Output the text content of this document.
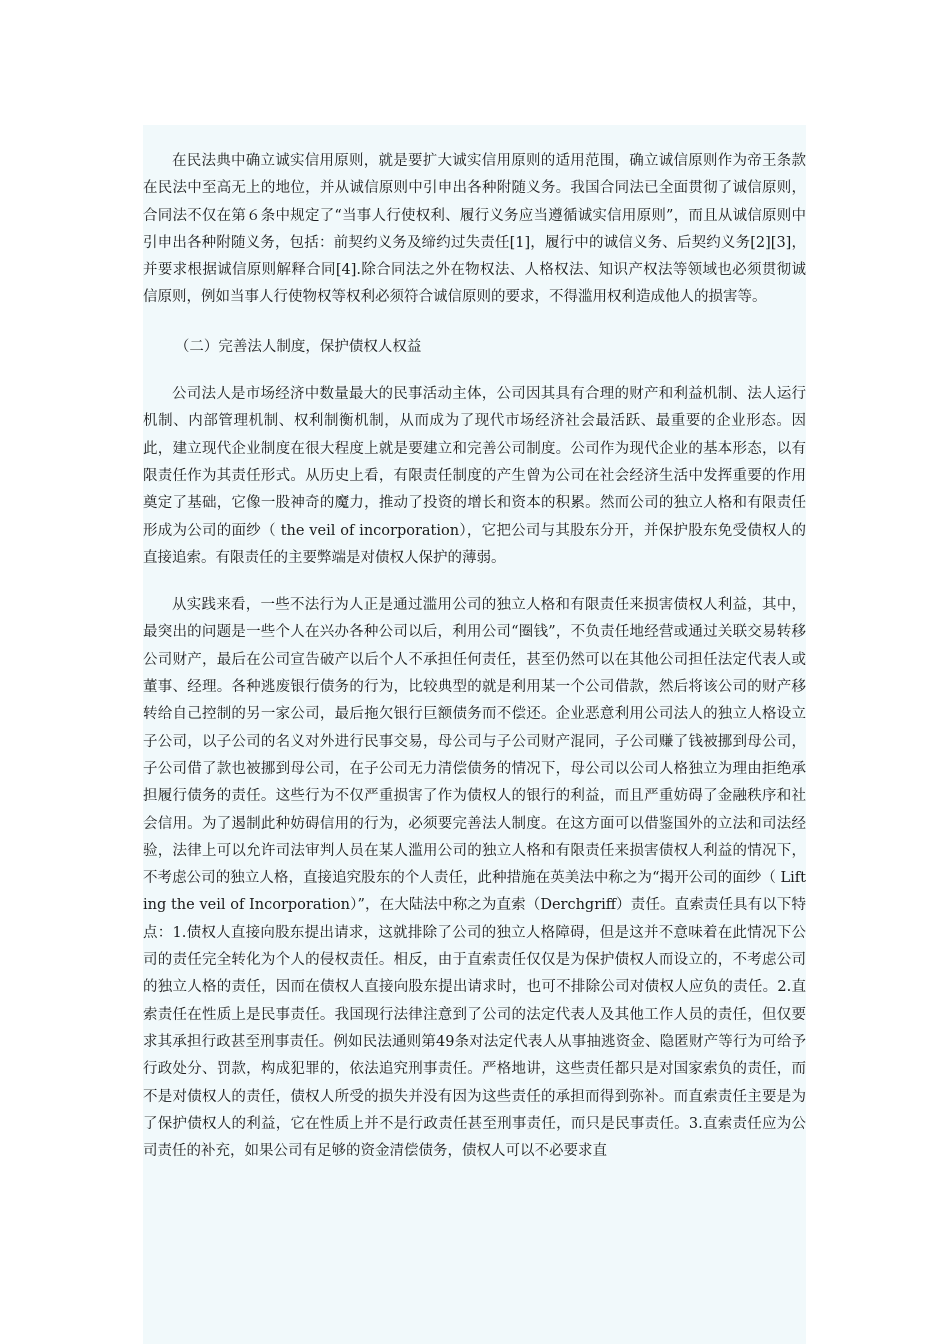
在民法典中确立诚实信用原则，就是要扩大诚实信用原则的适用范围，确立诚信原则作为帝王条款在民法中至高无上的地位，并从诚信原则中引申出各种附随义务。我国合同法已全面贯彻了诚信原则，合同法不仅在第６条中规定了“当事人行使权利、履行义务应当遵循诚实信用原则”，而且从诚信原则中引申出各种附随义务，包括：前契约义务及缔约过失责任[1]，履行中的诚信义务、后契约义务[2][3]，并要求根据诚信原则解释合同[4].除合同法之外在物权法、人格权法、知识产权法等领域也必须贯彻诚信原则，例如当事人行使物权等权利必须符合诚信原则的要求，不得滥用权利造成他人的损害等。

（二）完善法人制度，保护债权人权益

公司法人是市场经济中数量最大的民事活动主体，公司因其具有合理的财产和利益机制、法人运行机制、内部管理机制、权利制衡机制，从而成为了现代市场经济社会最活跃、最重要的企业形态。因此，建立现代企业制度在很大程度上就是要建立和完善公司制度。公司作为现代企业的基本形态，以有限责任作为其责任形式。从历史上看，有限责任制度的产生曾为公司在社会经济生活中发挥重要的作用奠定了基础，它像一股神奇的魔力，推动了投资的增长和资本的积累。然而公司的独立人格和有限责任形成为公司的面纱（ the veil of incorporation），它把公司与其股东分开，并保护股东免受债权人的直接追索。有限责任的主要弊端是对债权人保护的薄弱。

从实践来看，一些不法行为人正是通过滥用公司的独立人格和有限责任来损害债权人利益，其中，最突出的问题是一些个人在兴办各种公司以后，利用公司“圈钱”，不负责任地经营或通过关联交易转移公司财产，最后在公司宣告破产以后个人不承担任何责任，甚至仍然可以在其他公司担任法定代表人或董事、经理。各种逃废银行债务的行为，比较典型的就是利用某一个公司借款，然后将该公司的财产移转给自己控制的另一家公司，最后拖欠银行巨额债务而不偿还。企业恶意利用公司法人的独立人格设立子公司，以子公司的名义对外进行民事交易，母公司与子公司财产混同，子公司赚了钱被挪到母公司，子公司借了款也被挪到母公司，在子公司无力清偿债务的情况下，母公司以公司人格独立为理由拒绝承担履行债务的责任。这些行为不仅严重损害了作为债权人的银行的利益，而且严重妨碍了金融秩序和社会信用。为了遏制此种妨碍信用的行为，必须要完善法人制度。在这方面可以借鉴国外的立法和司法经验，法律上可以允许司法审判人员在某人滥用公司的独立人格和有限责任来损害债权人利益的情况下，不考虑公司的独立人格，直接追究股东的个人责任，此种措施在英美法中称之为“揭开公司的面纱（ Lifting the veil of Incorporation）”，在大陆法中称之为直索（Derchgriff）责任。直索责任具有以下特点：1.债权人直接向股东提出请求，这就排除了公司的独立人格障碍，但是这并不意味着在此情况下公司的责任完全转化为个人的侵权责任。相反，由于直索责任仅仅是为保护债权人而设立的，不考虑公司的独立人格的责任，因而在债权人直接向股东提出请求时，也可不排除公司对债权人应负的责任。2.直索责任在性质上是民事责任。我国现行法律注意到了公司的法定代表人及其他工作人员的责任，但仅要求其承担行政甚至刑事责任。例如民法通则第49条对法定代表人从事抽逃资金、隐匿财产等行为可给予行政处分、罚款，构成犯罪的，依法追究刑事责任。严格地讲，这些责任都只是对国家索负的责任，而不是对债权人的责任，债权人所受的损失并没有因为这些责任的承担而得到弥补。而直索责任主要是为了保护债权人的利益，它在性质上并不是行政责任甚至刑事责任，而只是民事责任。3.直索责任应为公司责任的补充，如果公司有足够的资金清偿债务，债权人可以不必要求直
